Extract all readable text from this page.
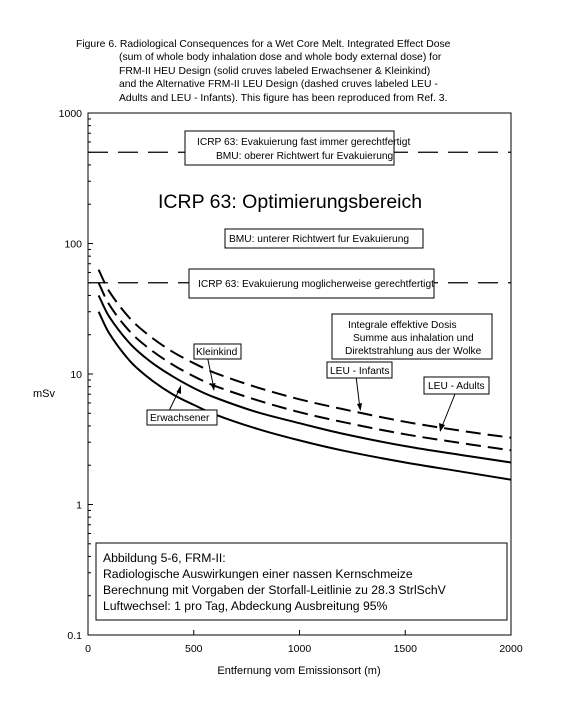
Figure 6. Radiological Consequences for a Wet Core Melt. Integrated Effect Dose
(sum of whole body inhalation dose and whole body external dose) for
FRM-II HEU Design (solid cruves labeled Erwachsener & Kleinkind)
and the Alternative FRM-II LEU Design (dashed cruves labeled LEU -
Adults and LEU - Infants). This figure has been reproduced from Ref. 3.
0.1
1
10
100
1000
0	500	1000	1500	2000
mSv
Entfernung vom Emissionsort (m)
ICRP 63: Evakuierung fast immer gerechtfertigt
BMU: oberer Richtwert fur Evakuierung
ICRP 63: Optimierungsbereich
BMU: unterer Richtwert fur Evakuierung
ICRP 63: Evakuierung moglicherweise gerechtfertigt
Integrale effektive Dosis
Summe aus inhalation und
Direktstrahlung aus der Wolke
Kleinkind
Erwachsener
LEU - Infants
LEU - Adults
Abbildung 5-6, FRM-II:
Radiologische Auswirkungen einer nassen Kernschmeize
Berechnung mit Vorgaben der Storfall-Leitlinie zu 28.3 StrlSchV
Luftwechsel: 1 pro Tag, Abdeckung Ausbreitung 95%
